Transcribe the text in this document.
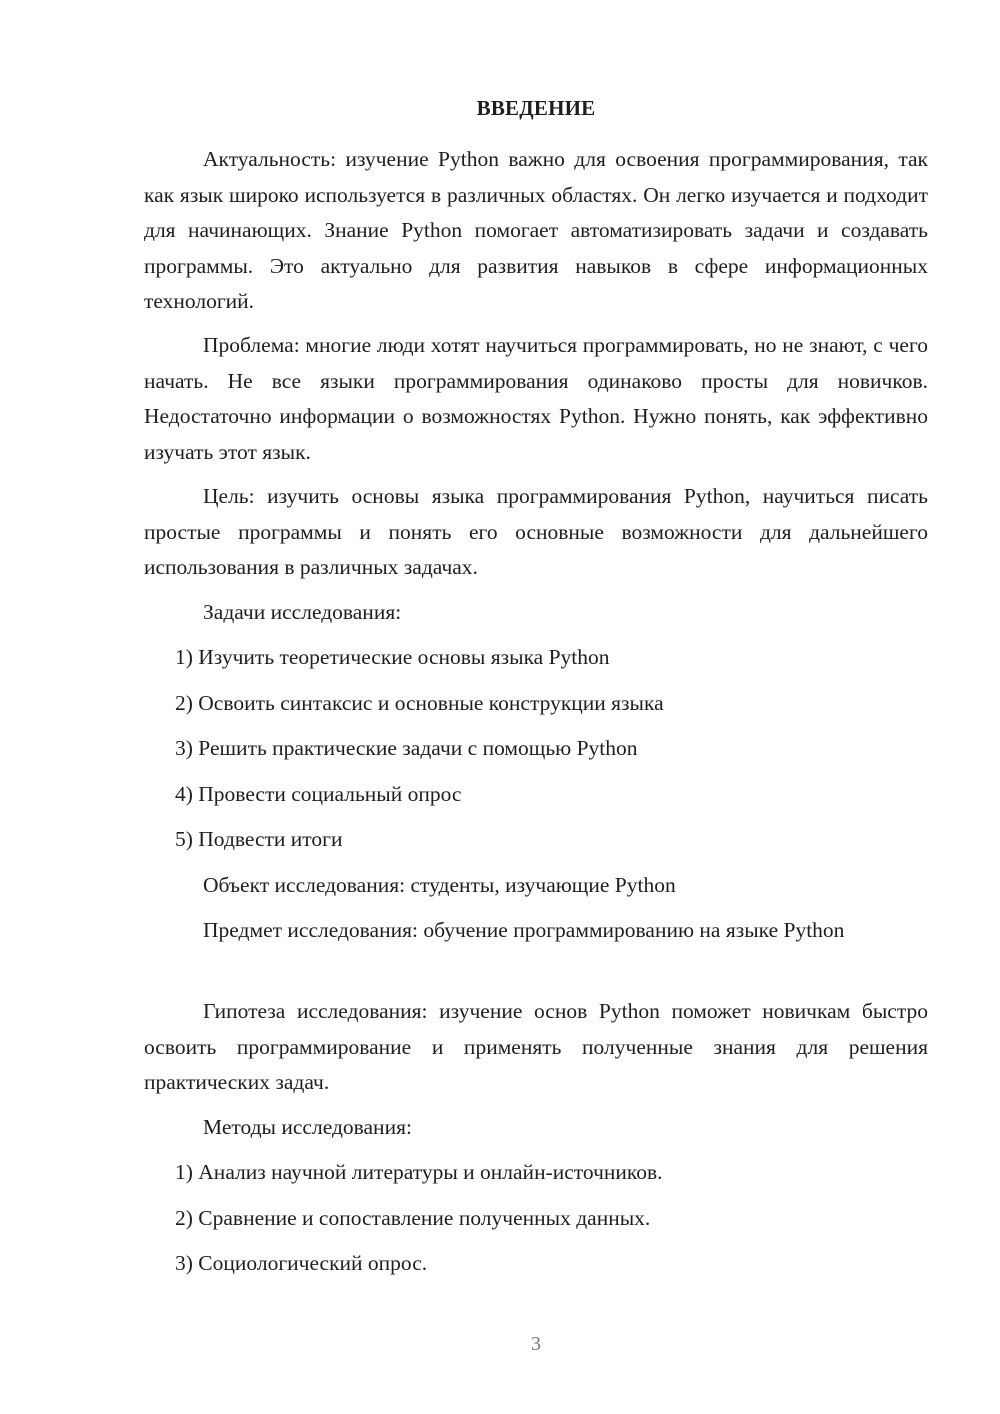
ВВЕДЕНИЕ
Актуальность: изучение Python важно для освоения программирования, так как язык широко используется в различных областях. Он легко изучается и подходит для начинающих. Знание Python помогает автоматизировать задачи и создавать программы. Это актуально для развития навыков в сфере информационных технологий.
Проблема: многие люди хотят научиться программировать, но не знают, с чего начать. Не все языки программирования одинаково просты для новичков. Недостаточно информации о возможностях Python. Нужно понять, как эффективно изучать этот язык.
Цель: изучить основы языка программирования Python, научиться писать простые программы и понять его основные возможности для дальнейшего использования в различных задачах.
Задачи исследования:
1) Изучить теоретические основы языка Python
2) Освоить синтаксис и основные конструкции языка
3) Решить практические задачи с помощью Python
4) Провести социальный опрос
5) Подвести итоги
Объект исследования: студенты, изучающие Python
Предмет исследования: обучение программированию на языке Python
Гипотеза исследования: изучение основ Python поможет новичкам быстро освоить программирование и применять полученные знания для решения практических задач.
Методы исследования:
1) Анализ научной литературы и онлайн-источников.
2) Сравнение и сопоставление полученных данных.
3) Социологический опрос.
3
